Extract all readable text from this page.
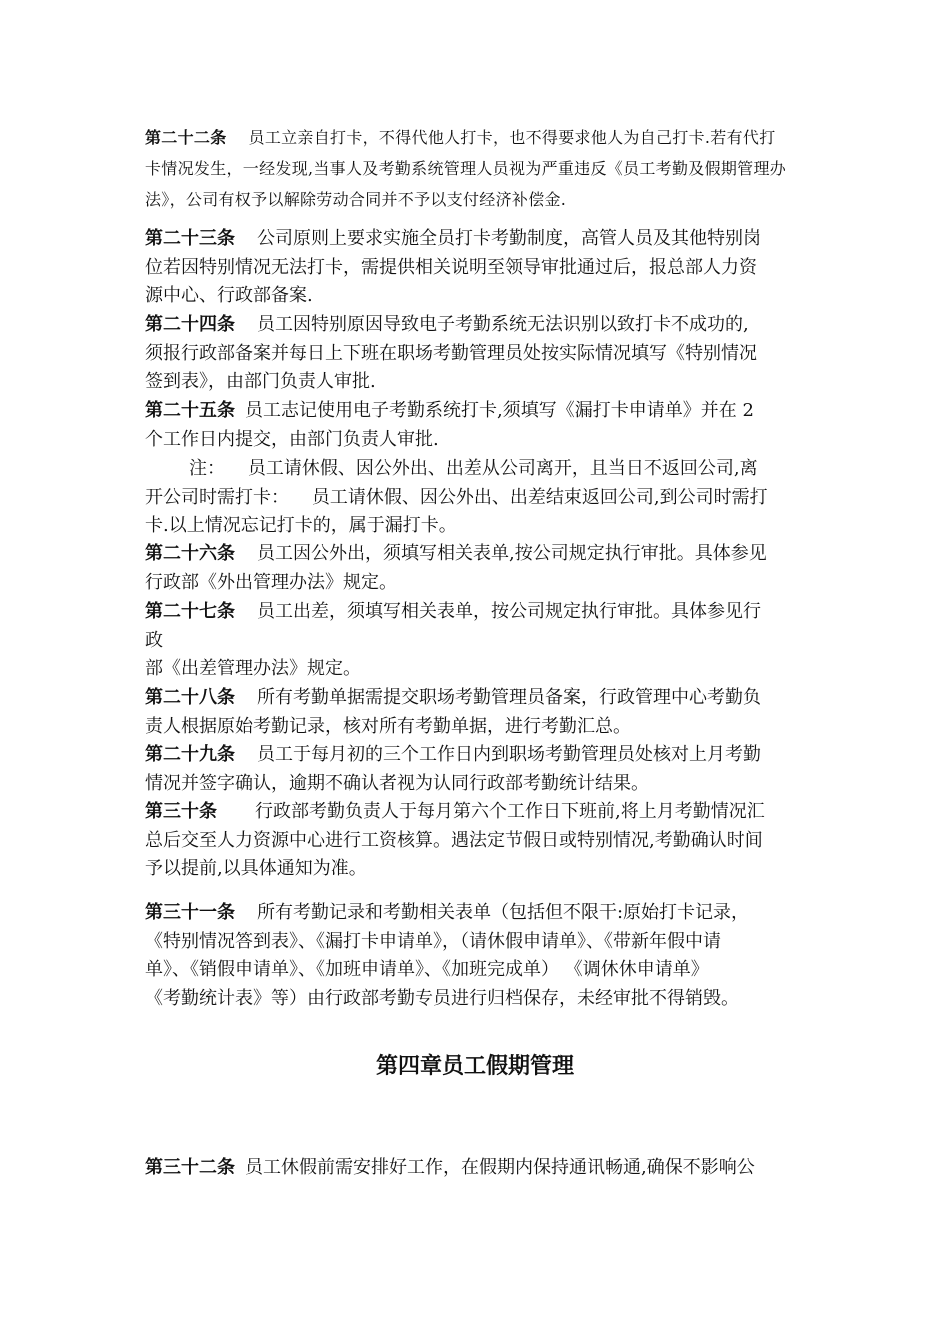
第二十二条 员工立亲自打卡，不得代他人打卡，也不得要求他人为自己打卡.若有代打
卡情况发生，一经发现,当事人及考勤系统管理人员视为严重违反《员工考勤及假期管理办
法》，公司有权予以解除劳动合同并不予以支付经济补偿金.

第二十三条 公司原则上要求实施全员打卡考勤制度，高管人员及其他特别岗
位若因特别情况无法打卡，需提供相关说明至领导审批通过后，报总部人力资
源中心、行政部备案.

第二十四条 员工因特别原因导致电子考勤系统无法识别以致打卡不成功的,
须报行政部备案并每日上下班在职场考勤管理员处按实际情况填写《特别情况
签到表》，由部门负责人审批.

第二十五条 员工志记使用电子考勤系统打卡,须填写《漏打卡申请单》并在 2
个工作日内提交，由部门负责人审批.

注：    员工请休假、因公外出、出差从公司离开，且当日不返回公司,离
开公司时需打卡：    员工请休假、因公外出、出差结束返回公司,到公司时需打
卡.以上情况忘记打卡的，属于漏打卡。

第二十六条 员工因公外出，须填写相关表单,按公司规定执行审批。具体参见
行政部《外出管理办法》规定。

第二十七条 员工出差，须填写相关表单，按公司规定执行审批。具体参见行
政
部《出差管理办法》规定。

第二十八条 所有考勤单据需提交职场考勤管理员备案，行政管理中心考勤负
责人根据原始考勤记录，核对所有考勤单据，进行考勤汇总。

第二十九条 员工于每月初的三个工作日内到职场考勤管理员处核对上月考勤
情况并签字确认，逾期不确认者视为认同行政部考勤统计结果。

第三十条 行政部考勤负责人于每月第六个工作日下班前,将上月考勤情况汇
总后交至人力资源中心进行工资核算。遇法定节假日或特别情况,考勤确认时间
予以提前,以具体通知为准。

第三十一条 所有考勤记录和考勤相关表单（包括但不限干:原始打卡记录，
《特别情况答到表》、《漏打卡申请单》，（请休假申请单》、《带新年假中请
单》、《销假申请单》、《加班申请单》、《加班完成单） 《调休休申请单》
《考勤统计表》等）由行政部考勤专员进行归档保存，未经审批不得销毁。

第四章员工假期管理

第三十二条 员工休假前需安排好工作，在假期内保持通讯畅通,确保不影响公
